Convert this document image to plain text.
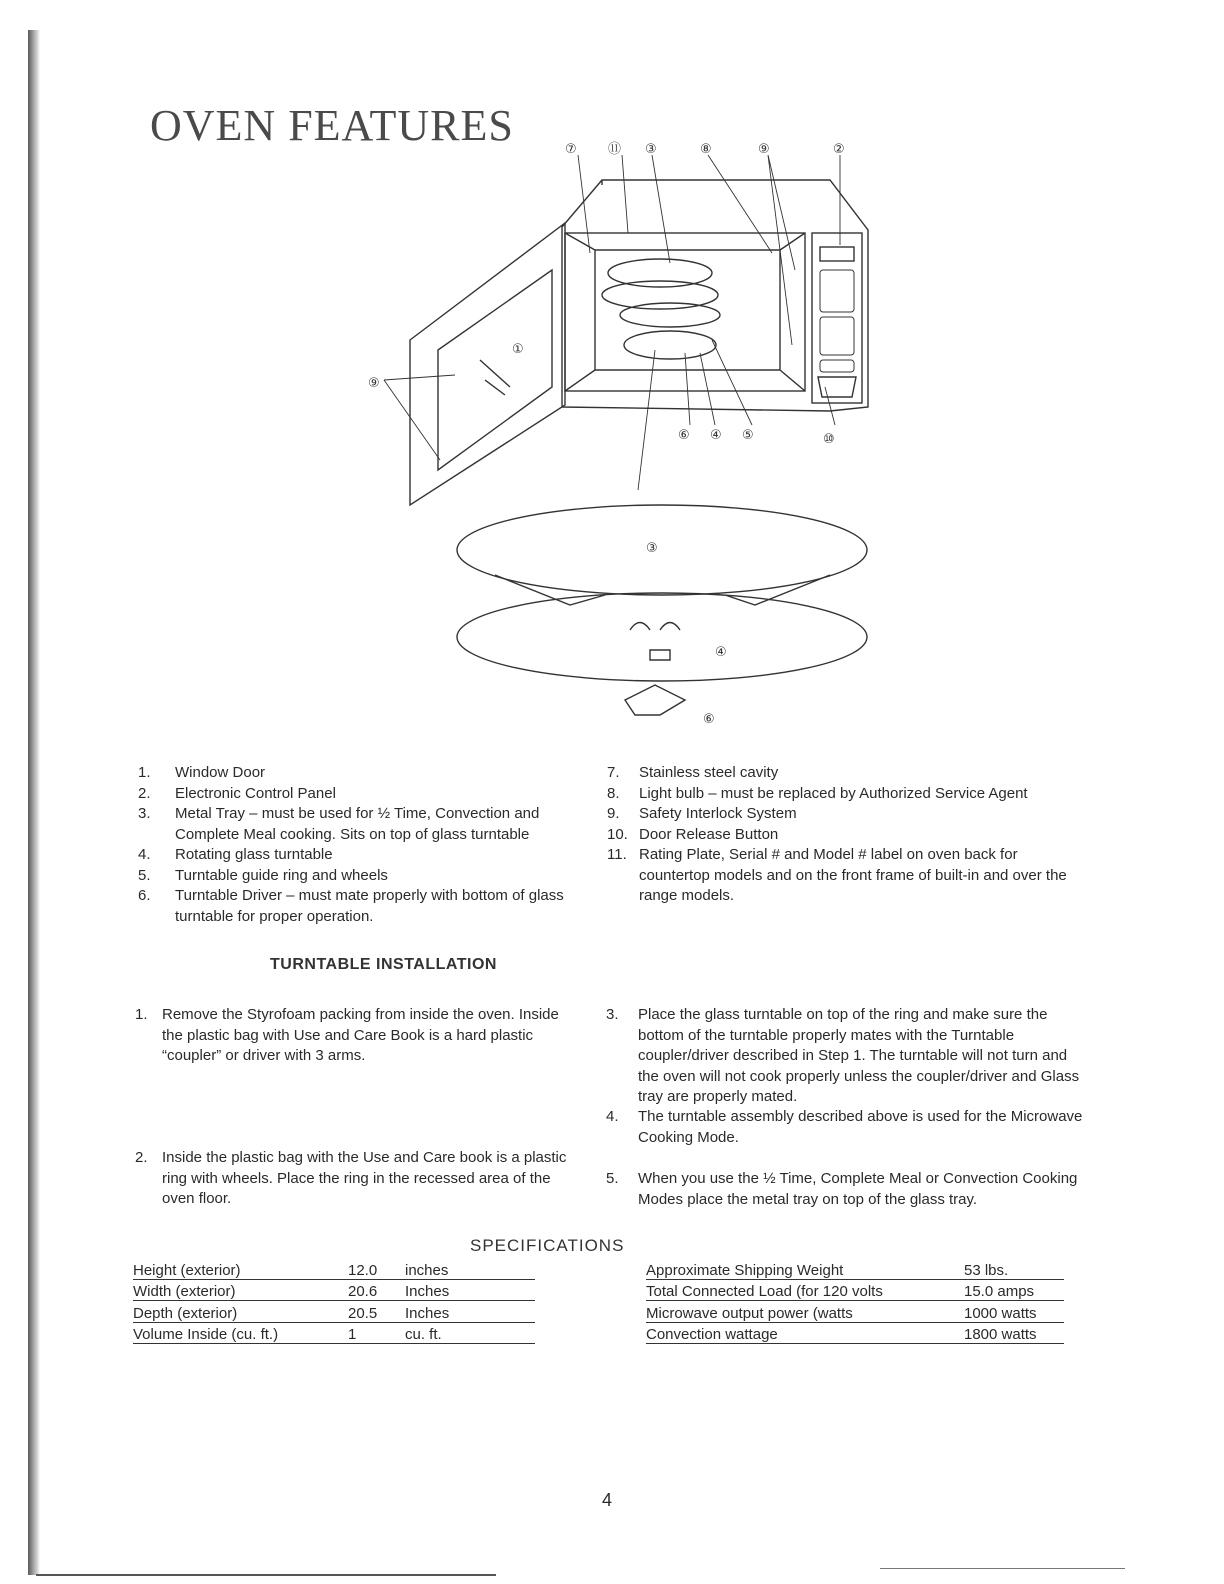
OVEN FEATURES	⑦ ⑪ ③	⑧	⑨	②
①
⑨
⑥ ④ ⑤	⑩
③
④
⑥
1.	Window Door
2.	Electronic Control Panel
3.	Metal Tray – must be used for ½ Time, Convection and Complete Meal cooking. Sits on top of glass turntable
4.	Rotating glass turntable
5.	Turntable guide ring and wheels
6.	Turntable Driver – must mate properly with bottom of glass turntable for proper operation.
7.	Stainless steel cavity
8.	Light bulb – must be replaced by Authorized Service Agent
9.	Safety Interlock System
10. Door Release Button
11. Rating Plate, Serial # and Model # label on oven back for countertop models and on the front frame of built-in and over the range models.
TURNTABLE INSTALLATION
1. Remove the Styrofoam packing from inside the oven. Inside the plastic bag with Use and Care Book is a hard plastic “coupler” or driver with 3 arms.
2. Inside the plastic bag with the Use and Care book is a plastic ring with wheels. Place the ring in the recessed area of the oven floor.
3.	Place the glass turntable on top of the ring and make sure the bottom of the turntable properly mates with the Turntable coupler/driver described in Step 1. The turntable will not turn and the oven will not cook properly unless the coupler/driver and Glass tray are properly mated.
4.	The turntable assembly described above is used for the Microwave Cooking Mode.
5.	When you use the ½ Time, Complete Meal or Convection Cooking Modes place the metal tray on top of the glass tray.
SPECIFICATIONS
Height (exterior)	12.0	inches
Width (exterior)	20.6	Inches
Depth (exterior)	20.5	Inches
Volume Inside (cu. ft.)	1	cu. ft.
Approximate Shipping Weight	53 lbs.
Total Connected Load (for 120 volts	15.0 amps
Microwave output power (watts	1000 watts
Convection wattage	1800 watts
4
